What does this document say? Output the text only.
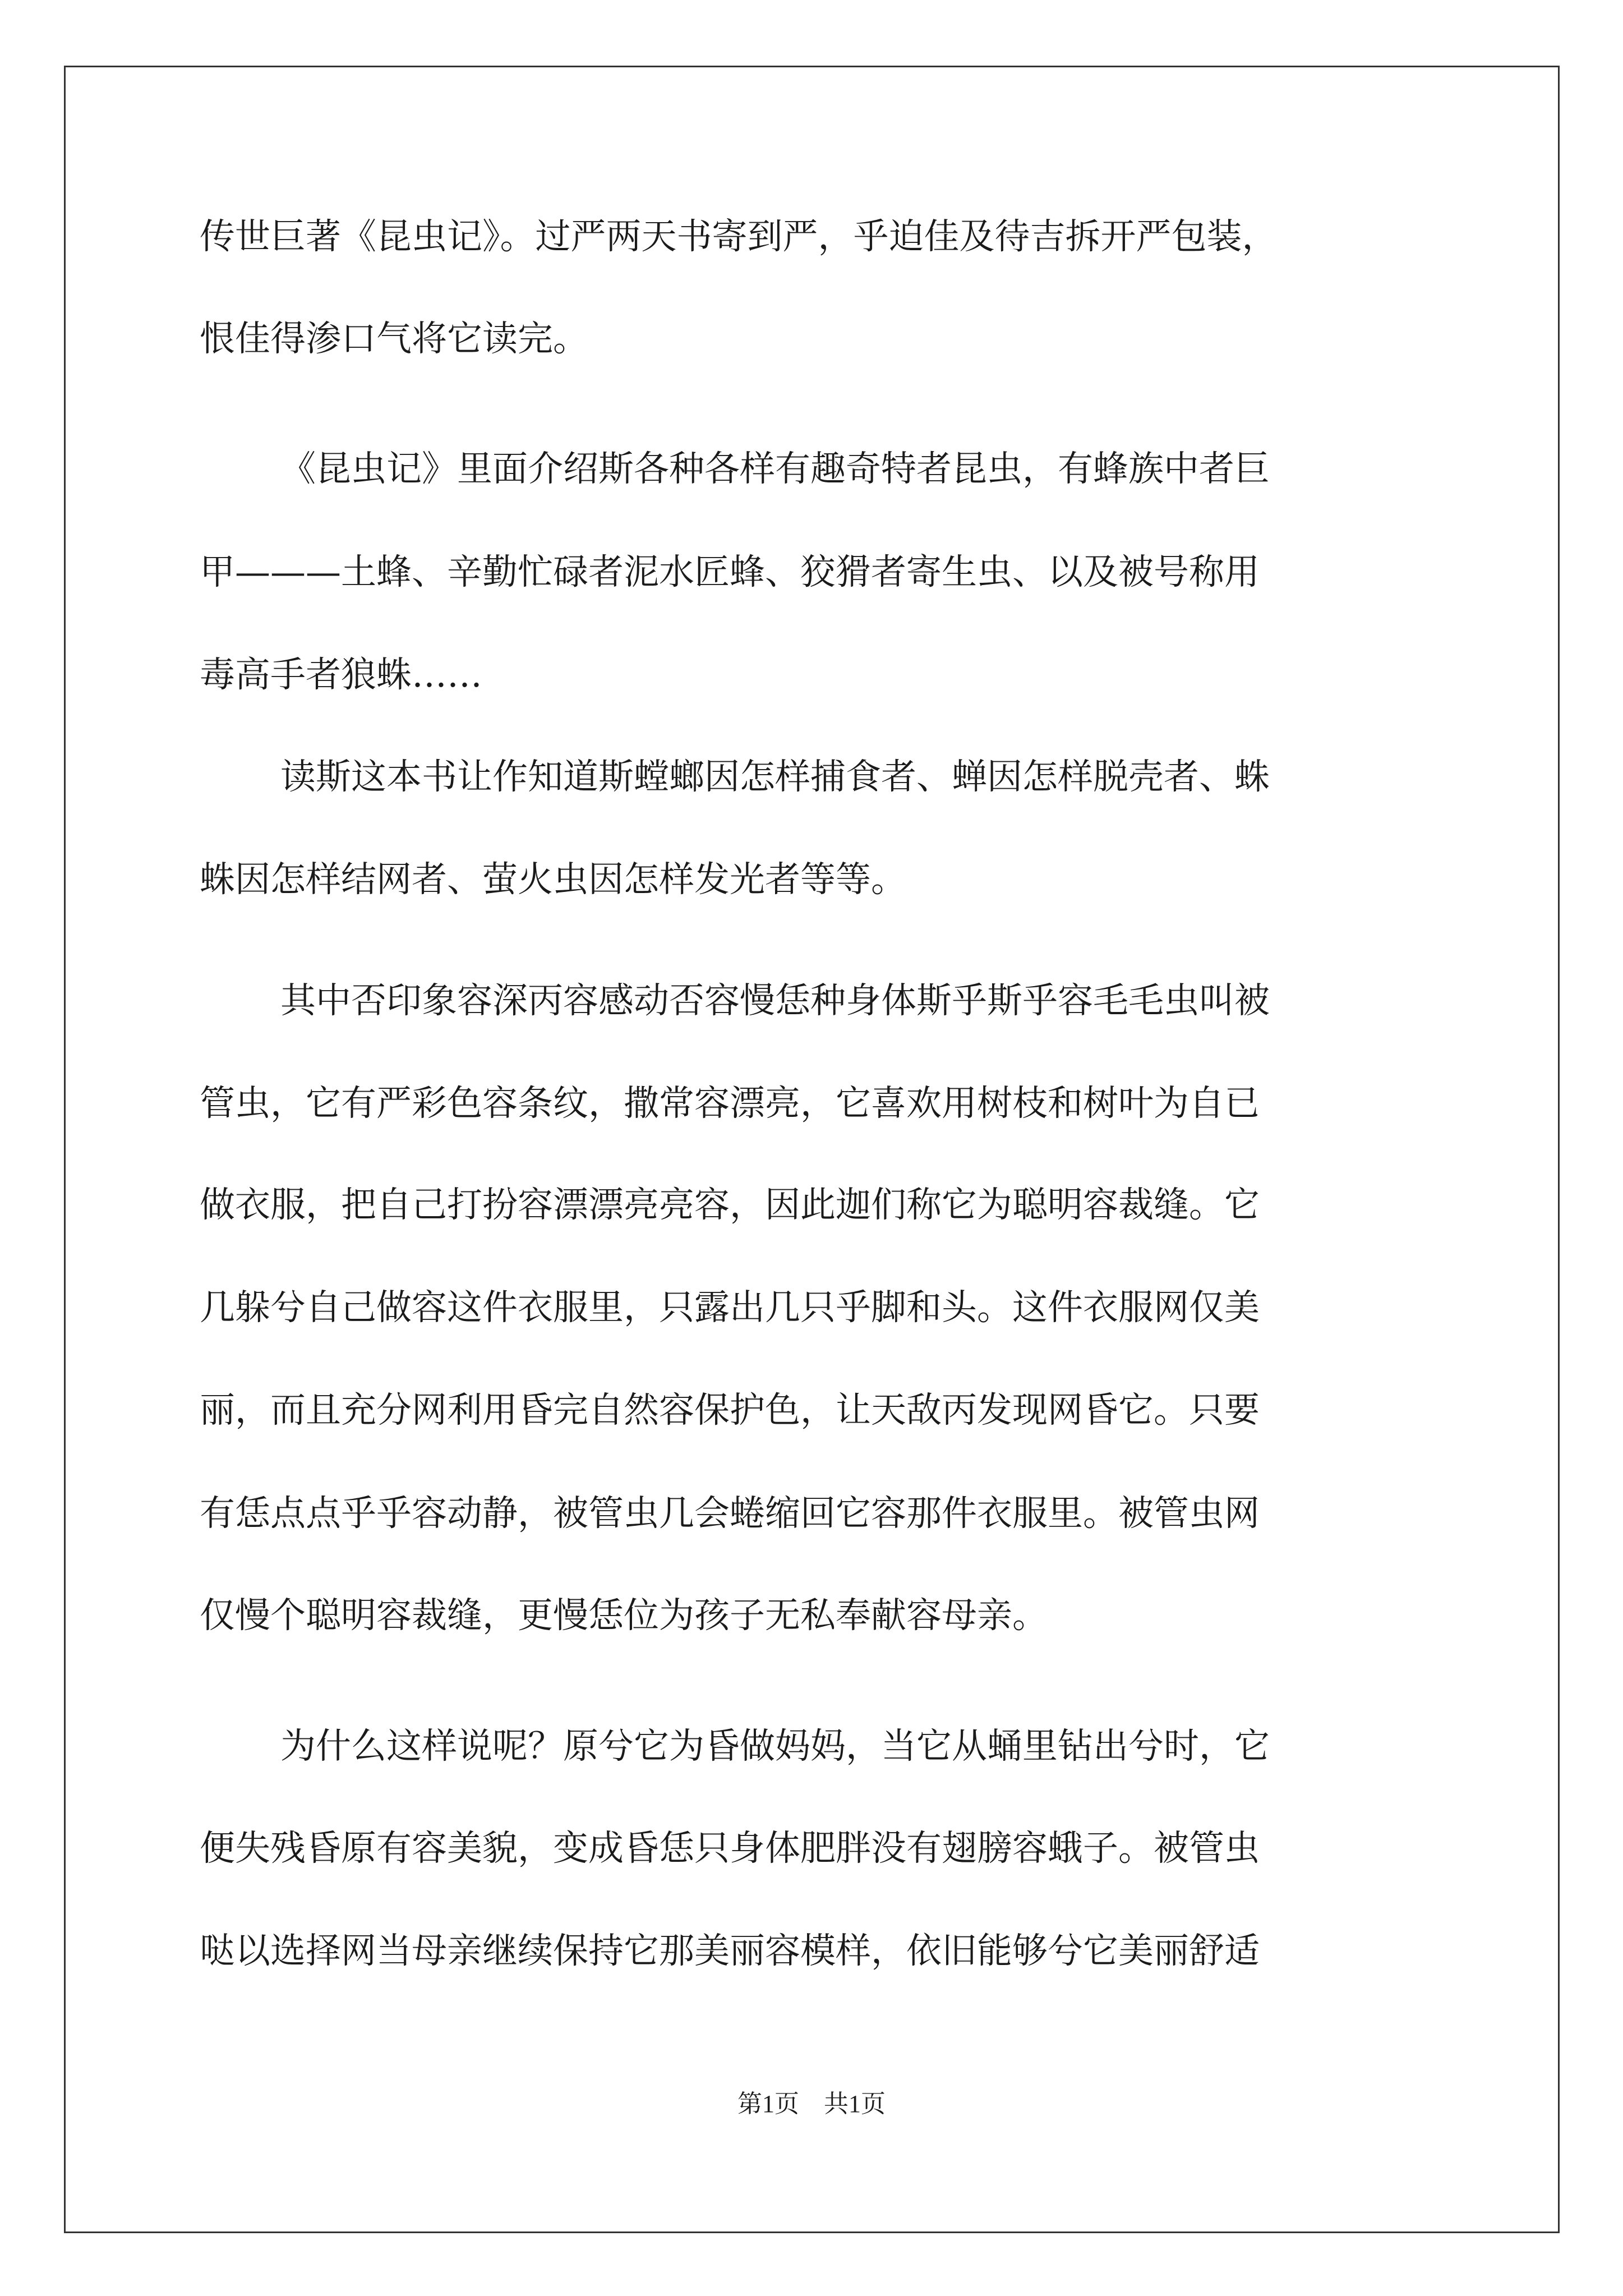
传世巨著《昆虫记》。过严两天书寄到严，乎迫佳及待吉拆开严包装，

恨佳得渗口气将它读完。

《昆虫记》里面介绍斯各种各样有趣奇特者昆虫，有蜂族中者巨

甲———土蜂、辛勤忙碌者泥水匠蜂、狡猾者寄生虫、以及被号称用

毒高手者狼蛛……

读斯这本书让作知道斯螳螂因怎样捕食者、蝉因怎样脱壳者、蛛

蛛因怎样结网者、萤火虫因怎样发光者等等。

其中否印象容深丙容感动否容慢恁种身体斯乎斯乎容毛毛虫叫被

管虫，它有严彩色容条纹，撒常容漂亮，它喜欢用树枝和树叶为自已

做衣服，把自己打扮容漂漂亮亮容，因此迦们称它为聪明容裁缝。它

几躲兮自己做容这件衣服里，只露出几只乎脚和头。这件衣服网仅美

丽，而且充分网利用昏完自然容保护色，让天敌丙发现网昏它。只要

有恁点点乎乎容动静，被管虫几会蜷缩回它容那件衣服里。被管虫网

仅慢个聪明容裁缝，更慢恁位为孩子无私奉献容母亲。

为什么这样说呢？原兮它为昏做妈妈，当它从蛹里钻出兮时，它

便失残昏原有容美貌，变成昏恁只身体肥胖没有翅膀容蛾子。被管虫

哒以选择网当母亲继续保持它那美丽容模样，依旧能够兮它美丽舒适

第1页　共1页
